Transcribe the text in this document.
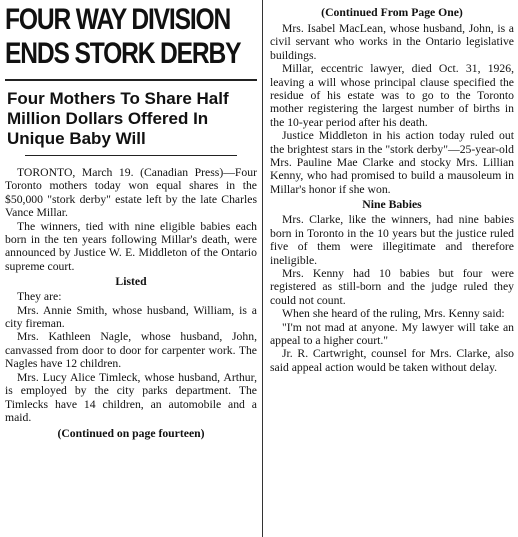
FOUR WAY DIVISION
ENDS STORK DERBY
Four Mothers To Share Half Million Dollars Offered In Unique Baby Will

TORONTO, March 19. (Canadian Press)—Four Toronto mothers today won equal shares in the $50,000 "stork derby" estate left by the late Charles Vance Millar.

The winners, tied with nine eligible babies each born in the ten years following Millar's death, were announced by Justice W. E. Middleton of the Ontario supreme court.

Listed

They are:

Mrs. Annie Smith, whose husband, William, is a city fireman.

Mrs. Kathleen Nagle, whose husband, John, canvassed from door to door for carpenter work. The Nagles have 12 children.

Mrs. Lucy Alice Timleck, whose husband, Arthur, is employed by the city parks department. The Timlecks have 14 children, an automobile and a maid.

(Continued on page fourteen)
(Continued From Page One)

Mrs. Isabel MacLean, whose husband, John, is a civil servant who works in the Ontario legislative buildings.

Millar, eccentric lawyer, died Oct. 31, 1926, leaving a will whose principal clause specified the residue of his estate was to go to the Toronto mother registering the largest number of births in the 10-year period after his death.

Justice Middleton in his action today ruled out the brightest stars in the "stork derby"—25-year-old Mrs. Pauline Mae Clarke and stocky Mrs. Lillian Kenny, who had promised to build a mausoleum in Millar's honor if she won.

Nine Babies

Mrs. Clarke, like the winners, had nine babies born in Toronto in the 10 years but the justice ruled five of them were illegitimate and therefore ineligible.

Mrs. Kenny had 10 babies but four were registered as still-born and the judge ruled they could not count.

When she heard of the ruling, Mrs. Kenny said:

"I'm not mad at anyone. My lawyer will take an appeal to a higher court."

Jr. R. Cartwright, counsel for Mrs. Clarke, also said appeal action would be taken without delay.
